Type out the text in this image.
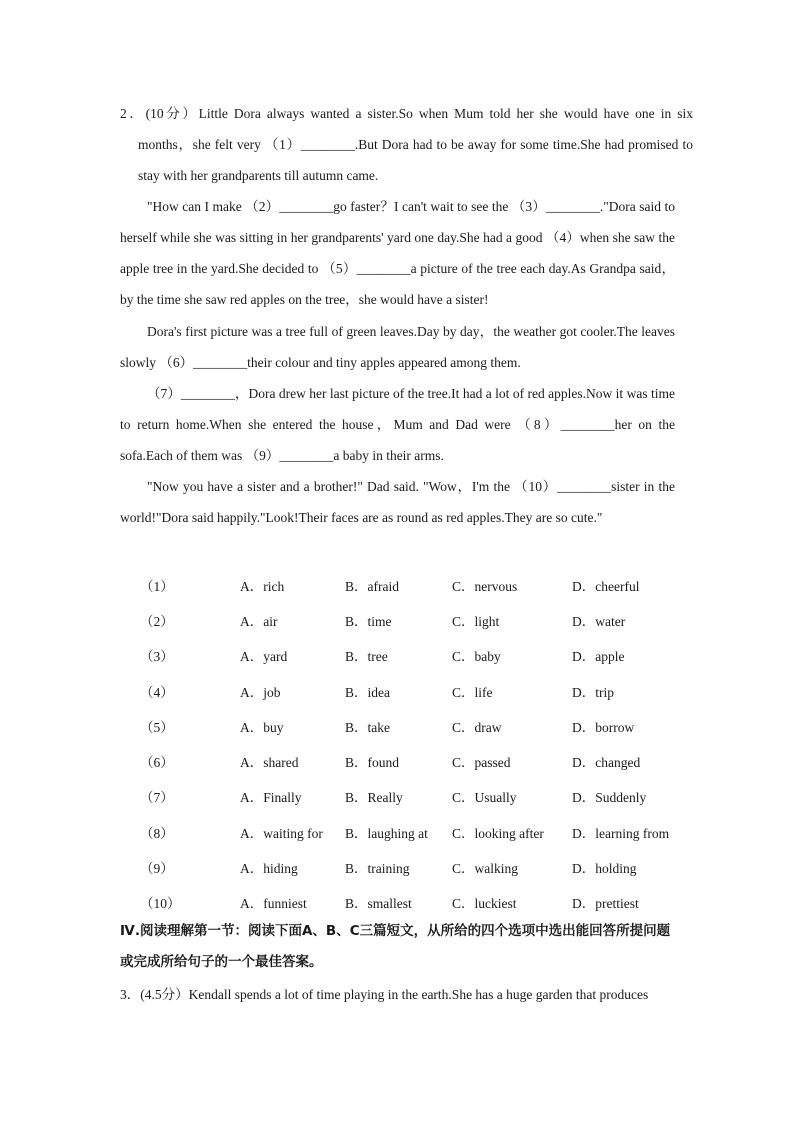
2．(10分）Little Dora always wanted a sister.So when Mum told her she would have one in six months，she felt very （1）________.But Dora had to be away for some time.She had promised to stay with her grandparents till autumn came.
"How can I make （2）________go faster？I can't wait to see the （3）________."Dora said to herself while she was sitting in her grandparents' yard one day.She had a good （4）when she saw the apple tree in the yard.She decided to （5）________a picture of the tree each day.As Grandpa said，by the time she saw red apples on the tree，she would have a sister!
Dora's first picture was a tree full of green leaves.Day by day，the weather got cooler.The leaves slowly （6）________their colour and tiny apples appeared among them.
（7）________，Dora drew her last picture of the tree.It had a lot of red apples.Now it was time to return home.When she entered the house，Mum and Dad were （8）________her on the sofa.Each of them was （9）________a baby in their arms.
"Now you have a sister and a brother!" Dad said. "Wow，I'm the （10）________sister in the world!"Dora said happily."Look!Their faces are as round as red apples.They are so cute."
（1）	A．rich	B．afraid	C．nervous	D．cheerful
（2）	A．air	B．time	C．light	D．water
（3）	A．yard	B．tree	C．baby	D．apple
（4）	A．job	B．idea	C．life	D．trip
（5）	A．buy	B．take	C．draw	D．borrow
（6）	A．shared	B．found	C．passed	D．changed
（7）	A．Finally	B．Really	C．Usually	D．Suddenly
（8）	A．waiting for	B．laughing at	C．looking after	D．learning from
（9）	A．hiding	B．training	C．walking	D．holding
（10）	A．funniest	B．smallest	C．luckiest	D．prettiest
Ⅳ.阅读理解第一节：阅读下面A、B、C三篇短文，从所给的四个选项中选出能回答所提问题或完成所给句子的一个最佳答案。
3．(4.5分）Kendall spends a lot of time playing in the earth.She has a huge garden that produces
